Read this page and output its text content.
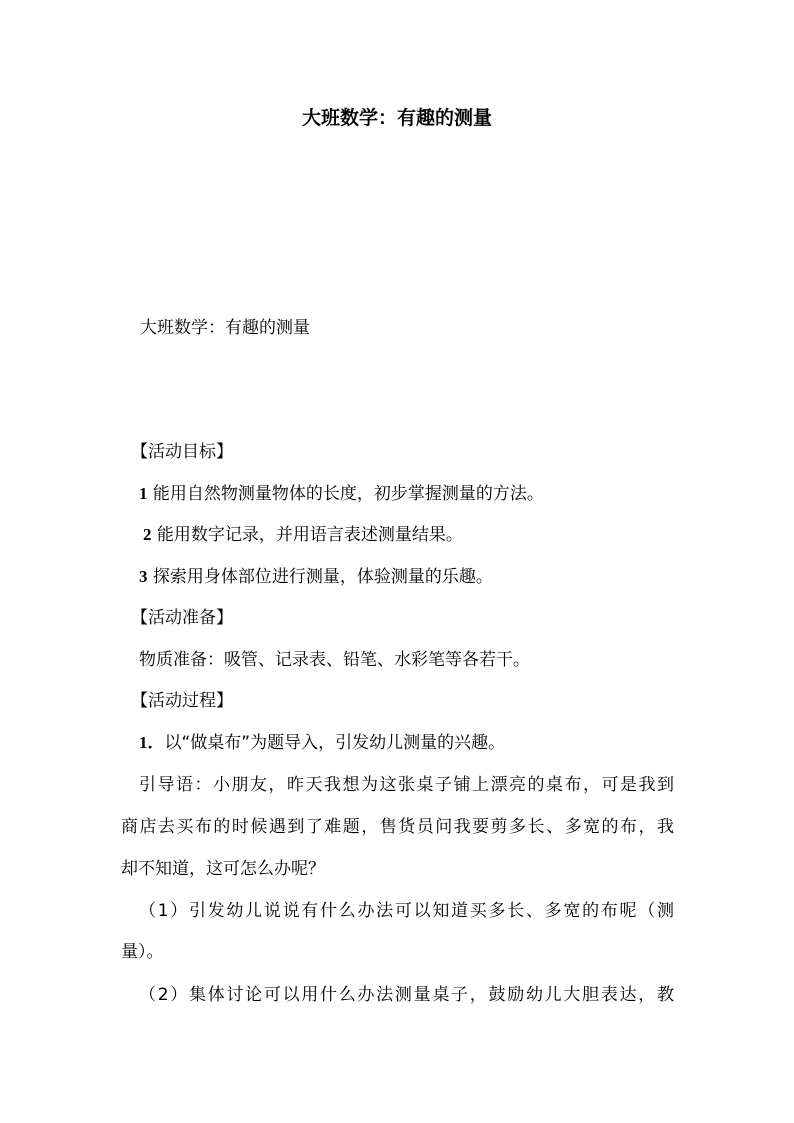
大班数学：有趣的测量

大班数学：有趣的测量

【活动目标】

1 能用自然物测量物体的长度，初步掌握测量的方法。

2 能用数字记录，并用语言表述测量结果。

3 探索用身体部位进行测量，体验测量的乐趣。

【活动准备】

物质准备：吸管、记录表、铅笔、水彩笔等各若干。

【活动过程】

1．以“做桌布”为题导入，引发幼儿测量的兴趣。

引导语：小朋友，昨天我想为这张桌子铺上漂亮的桌布，可是我到

商店去买布的时候遇到了难题，售货员问我要剪多长、多宽的布，我

却不知道，这可怎么办呢？

（1）引发幼儿说说有什么办法可以知道买多长、多宽的布呢（测

量）。

（2）集体讨论可以用什么办法测量桌子，鼓励幼儿大胆表达，教
